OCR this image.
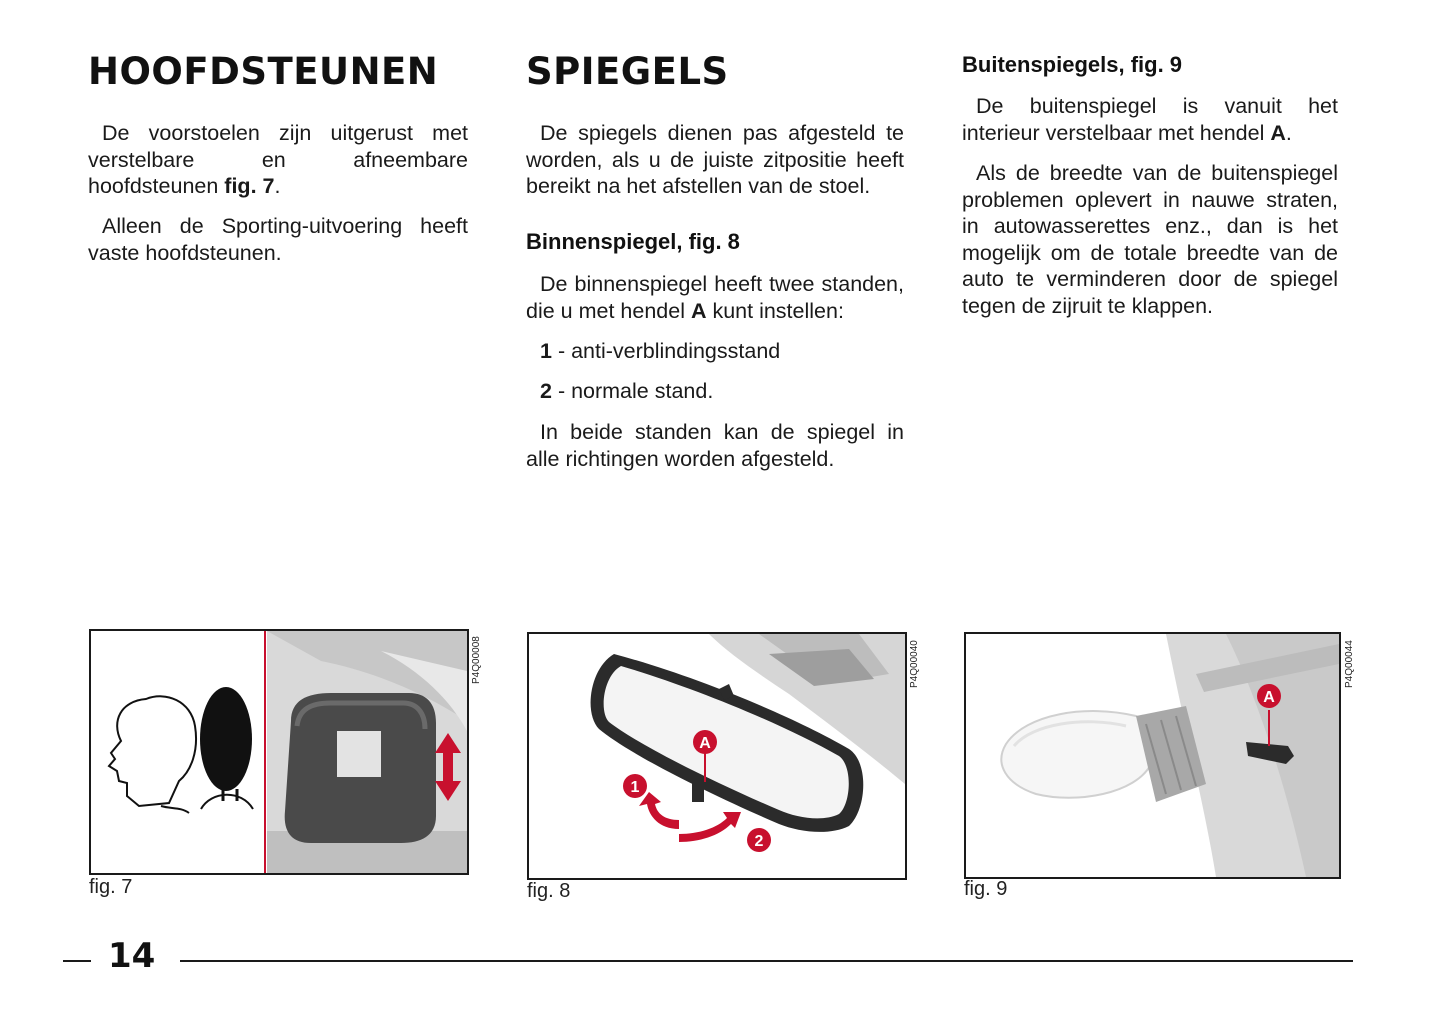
HOOFDSTEUNEN

De voorstoelen zijn uitgerust met verstelbare en afneembare hoofdsteunen fig. 7.

Alleen de Sporting-uitvoering heeft vaste hoofdsteunen.

SPIEGELS

De spiegels dienen pas afgesteld te worden, als u de juiste zitpositie heeft bereikt na het afstellen van de stoel.

Binnenspiegel, fig. 8

De binnenspiegel heeft twee standen, die u met hendel A kunt instellen:

1 - anti-verblindingsstand

2 - normale stand.

In beide standen kan de spiegel in alle richtingen worden afgesteld.

Buitenspiegels, fig. 9

De buitenspiegel is vanuit het interieur verstelbaar met hendel A.

Als de breedte van de buitenspiegel problemen oplevert in nauwe straten, in autowasserettes enz., dan is het mogelijk om de totale breedte van de auto te verminderen door de spiegel tegen de zijruit te klappen.

P4Q00008
fig. 7
A
1
2
P4Q00040
fig. 8
A
P4Q00044
fig. 9
14
